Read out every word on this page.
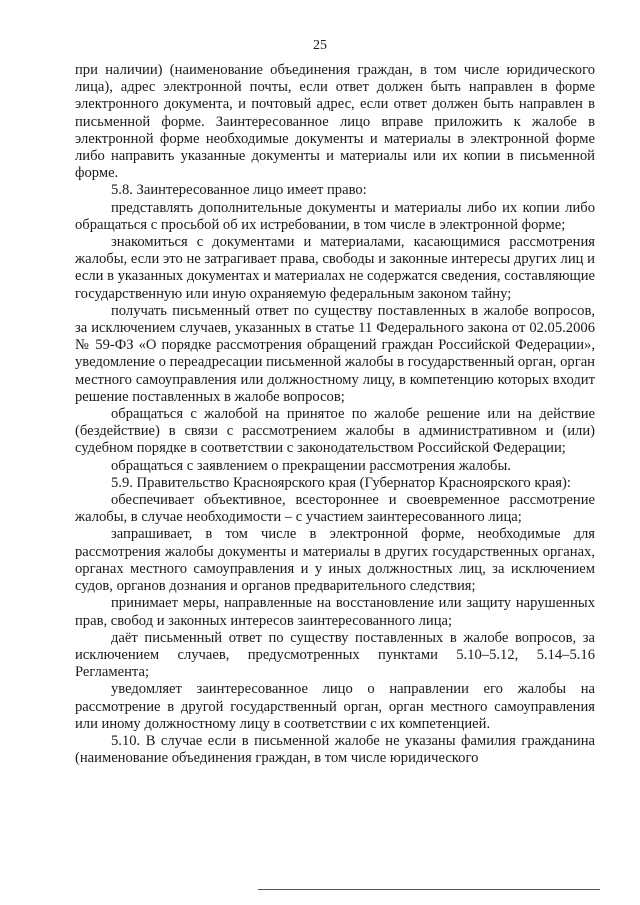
25

при наличии) (наименование объединения граждан, в том числе юридического лица), адрес электронной почты, если ответ должен быть направлен в форме электронного документа, и почтовый адрес, если ответ должен быть направлен в письменной форме. Заинтересованное лицо вправе приложить к жалобе в электронной форме необходимые документы и материалы в электронной форме либо направить указанные документы и материалы или их копии в письменной форме.

5.8. Заинтересованное лицо имеет право:

представлять дополнительные документы и материалы либо их копии либо обращаться с просьбой об их истребовании, в том числе в электронной форме;

знакомиться с документами и материалами, касающимися рассмотрения жалобы, если это не затрагивает права, свободы и законные интересы других лиц и если в указанных документах и материалах не содержатся сведения, составляющие государственную или иную охраняемую федеральным законом тайну;

получать письменный ответ по существу поставленных в жалобе вопросов, за исключением случаев, указанных в статье 11 Федерального закона от 02.05.2006 № 59-ФЗ «О порядке рассмотрения обращений граждан Российской Федерации», уведомление о переадресации письменной жалобы в государственный орган, орган местного самоуправления или должностному лицу, в компетенцию которых входит решение поставленных в жалобе вопросов;

обращаться с жалобой на принятое по жалобе решение или на действие (бездействие) в связи с рассмотрением жалобы в административном и (или) судебном порядке в соответствии с законодательством Российской Федерации;

обращаться с заявлением о прекращении рассмотрения жалобы.

5.9. Правительство Красноярского края (Губернатор Красноярского края):

обеспечивает объективное, всестороннее и своевременное рассмотрение жалобы, в случае необходимости – с участием заинтересованного лица;

запрашивает, в том числе в электронной форме, необходимые для рассмотрения жалобы документы и материалы в других государственных органах, органах местного самоуправления и у иных должностных лиц, за исключением судов, органов дознания и органов предварительного следствия;

принимает меры, направленные на восстановление или защиту нарушенных прав, свобод и законных интересов заинтересованного лица;

даёт письменный ответ по существу поставленных в жалобе вопросов, за исключением случаев, предусмотренных пунктами 5.10–5.12, 5.14–5.16 Регламента;

уведомляет заинтересованное лицо о направлении его жалобы на рассмотрение в другой государственный орган, орган местного самоуправления или иному должностному лицу в соответствии с их компетенцией.

5.10. В случае если в письменной жалобе не указаны фамилия гражданина (наименование объединения граждан, в том числе юридического
